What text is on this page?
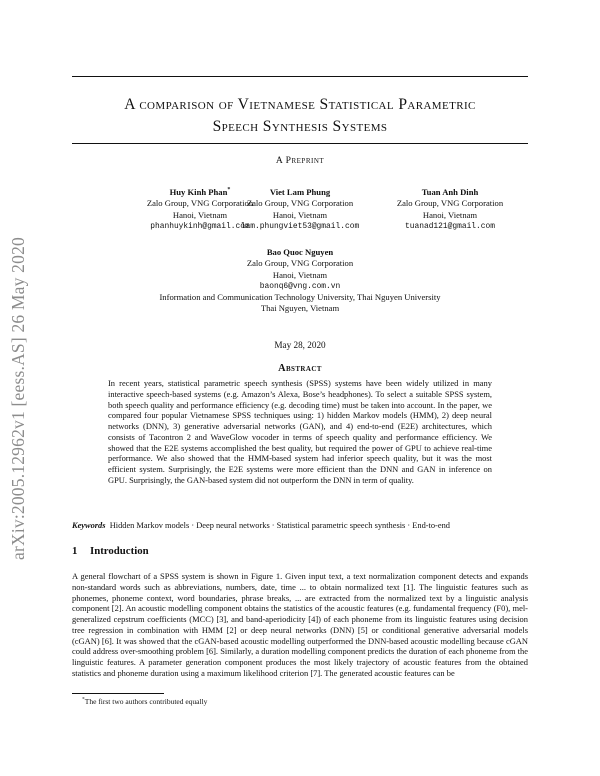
arXiv:2005.12962v1 [eess.AS] 26 May 2020
A comparison of Vietnamese Statistical Parametric
Speech Synthesis Systems
A Preprint
Huy Kinh Phan*
Zalo Group, VNG Corporation
Hanoi, Vietnam
phanhuykinh@gmail.com
Viet Lam Phung
Zalo Group, VNG Corporation
Hanoi, Vietnam
lam.phungviet53@gmail.com
Tuan Anh Dinh
Zalo Group, VNG Corporation
Hanoi, Vietnam
tuanad121@gmail.com
Bao Quoc Nguyen
Zalo Group, VNG Corporation
Hanoi, Vietnam
baonq6@vng.com.vn
Information and Communication Technology University, Thai Nguyen University
Thai Nguyen, Vietnam
May 28, 2020
Abstract
In recent years, statistical parametric speech synthesis (SPSS) systems have been widely utilized in many interactive speech-based systems (e.g. Amazon’s Alexa, Bose’s headphones). To select a suitable SPSS system, both speech quality and performance efficiency (e.g. decoding time) must be taken into account. In the paper, we compared four popular Vietnamese SPSS techniques using: 1) hidden Markov models (HMM), 2) deep neural networks (DNN), 3) generative adversarial networks (GAN), and 4) end-to-end (E2E) architectures, which consists of Tacontron 2 and WaveGlow vocoder in terms of speech quality and performance efficiency. We showed that the E2E systems accomplished the best quality, but required the power of GPU to achieve real-time performance. We also showed that the HMM-based system had inferior speech quality, but it was the most efficient system. Surprisingly, the E2E systems were more efficient than the DNN and GAN in inference on GPU. Surprisingly, the GAN-based system did not outperform the DNN in term of quality.
Keywords Hidden Markov models · Deep neural networks · Statistical parametric speech synthesis · End-to-end
1 Introduction
A general flowchart of a SPSS system is shown in Figure 1. Given input text, a text normalization component detects and expands non-standard words such as abbreviations, numbers, date, time ... to obtain normalized text [1]. The linguistic features such as phonemes, phoneme context, word boundaries, phrase breaks, ... are extracted from the normalized text by a linguistic analysis component [2]. An acoustic modelling component obtains the statistics of the acoustic features (e.g. fundamental frequency (F0), mel-generalized cepstrum coefficients (MCC) [3], and band-aperiodicity [4]) of each phoneme from its linguistic features using decision tree regression in combination with HMM [2] or deep neural networks (DNN) [5] or conditional generative adversarial models (cGAN) [6]. It was showed that the cGAN-based acoustic modelling outperformed the DNN-based acoustic modelling because cGAN could address over-smoothing problem [6]. Similarly, a duration modelling component predicts the duration of each phoneme from the linguistic features. A parameter generation component produces the most likely trajectory of acoustic features from the obtained statistics and phoneme duration using a maximum likelihood criterion [7]. The generated acoustic features can be
*The first two authors contributed equally
